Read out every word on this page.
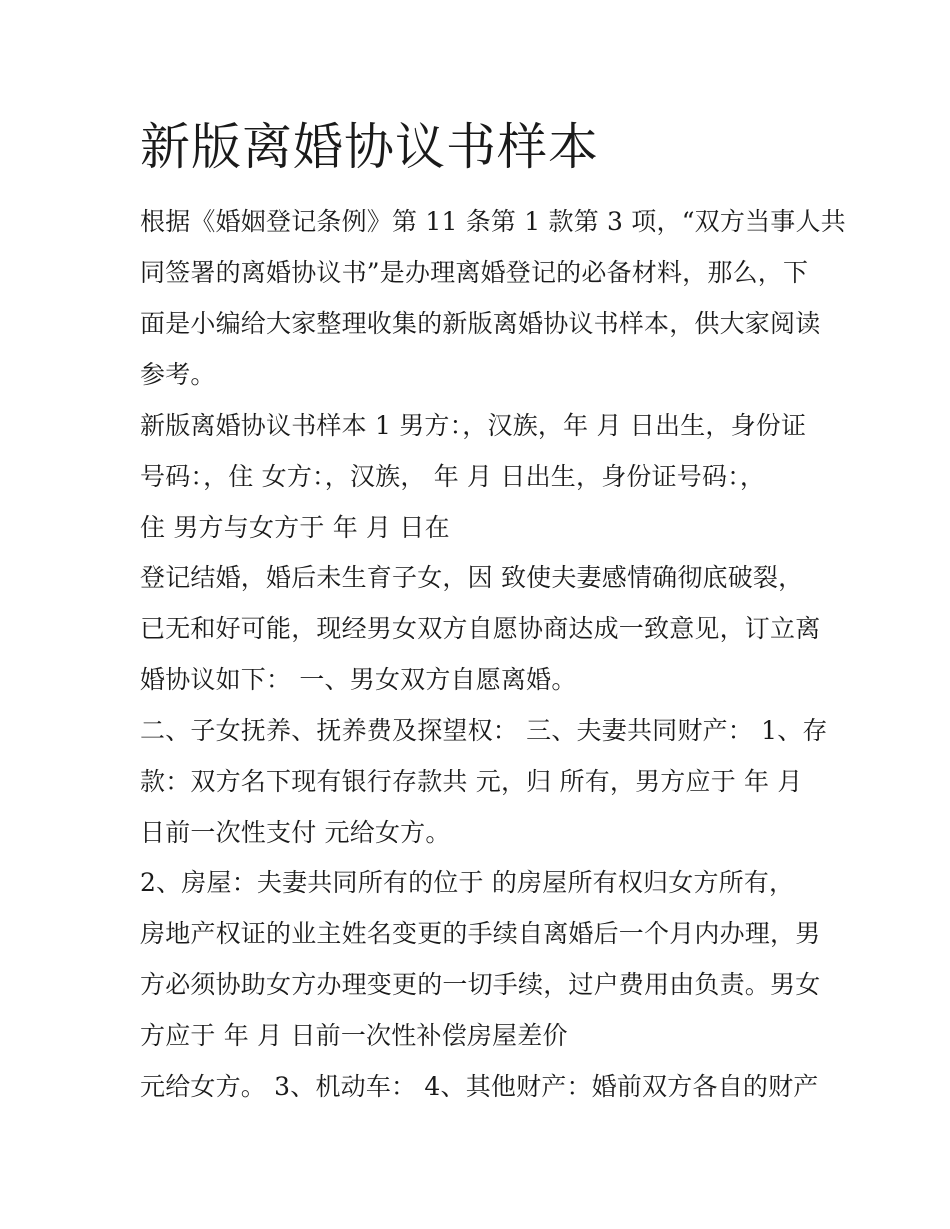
新版离婚协议书样本

根据《婚姻登记条例》第 11 条第 1 款第 3 项，“双方当事人共

同签署的离婚协议书”是办理离婚登记的必备材料，那么，下

面是小编给大家整理收集的新版离婚协议书样本，供大家阅读

参考。

新版离婚协议书样本 1 男方：，汉族，年 月 日出生，身份证

号码：，住 女方：，汉族， 年 月 日出生，身份证号码：，

住 男方与女方于 年 月 日在

登记结婚，婚后未生育子女，因 致使夫妻感情确彻底破裂，

已无和好可能，现经男女双方自愿协商达成一致意见，订立离

婚协议如下： 一、男女双方自愿离婚。

二、子女抚养、抚养费及探望权： 三、夫妻共同财产： 1、存

款：双方名下现有银行存款共 元，归 所有，男方应于 年 月

日前一次性支付 元给女方。

2、房屋：夫妻共同所有的位于 的房屋所有权归女方所有，

房地产权证的业主姓名变更的手续自离婚后一个月内办理，男

方必须协助女方办理变更的一切手续，过户费用由负责。男女

方应于 年 月 日前一次性补偿房屋差价

元给女方。 3、机动车： 4、其他财产：婚前双方各自的财产
